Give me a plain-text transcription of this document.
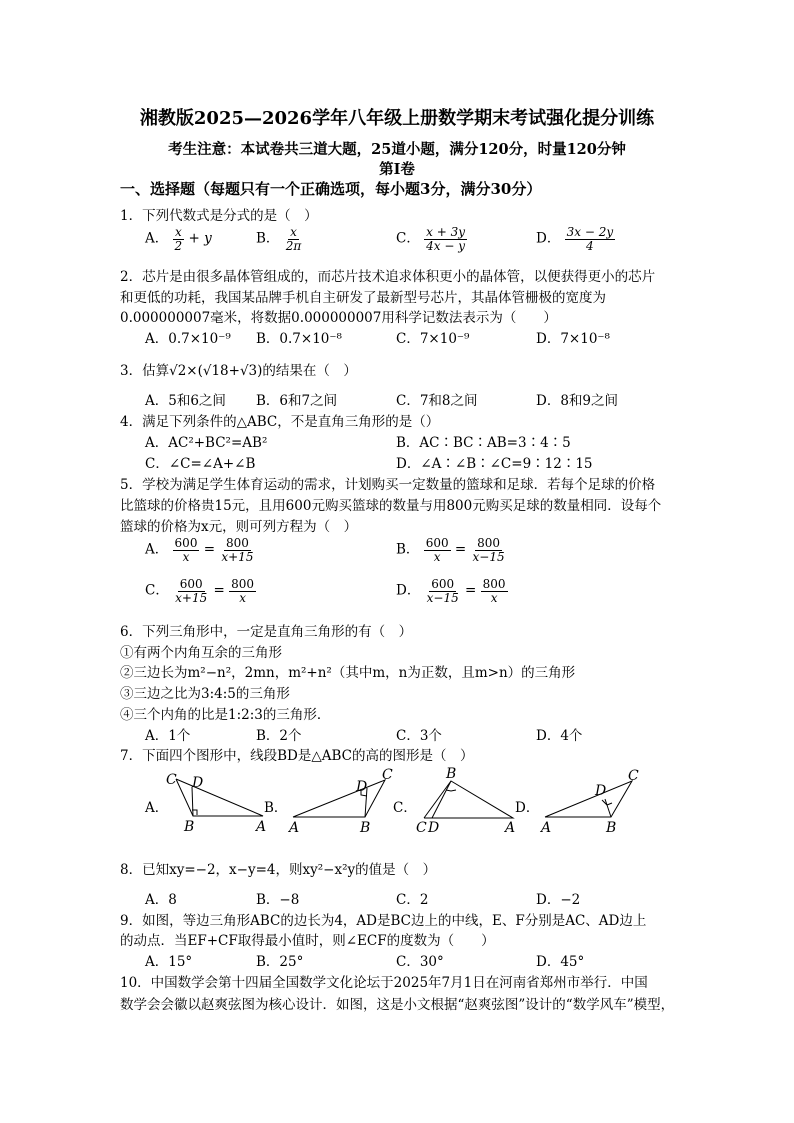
湘教版2025—2026学年八年级上册数学期末考试强化提分训练
考生注意：本试卷共三道大题，25道小题，满分120分，时量120分钟
第Ⅰ卷
一、选择题（每题只有一个正确选项，每小题3分，满分30分）
1．下列代数式是分式的是（　）
A． $\frac{x}{2} + y$	B． $\frac{x}{2\pi}$	C． $\frac{x + 3y}{4x - y}$	D． $\frac{3x - 2y}{4}$
2．芯片是由很多晶体管组成的，而芯片技术追求体积更小的晶体管，以便获得更小的芯片
和更低的功耗，我国某品牌手机自主研发了最新型号芯片，其晶体管栅极的宽度为
0.000000007毫米，将数据0.000000007用科学记数法表示为（　　）
A．0.7×10⁻⁹ B．0.7×10⁻⁸	C．7×10⁻⁹	D．7×10⁻⁸
3．估算√2×(√18+√3)的结果在（　）
A．5和6之间 B．6和7之间	C．7和8之间	D．8和9之间
4．满足下列条件的△ABC，不是直角三角形的是（）
A．AC²+BC²=AB²	B．AC∶BC∶AB=3∶4∶5
C．∠C=∠A+∠B	D．∠A∶∠B∶∠C=9∶12∶15
5．学校为满足学生体育运动的需求，计划购买一定数量的篮球和足球．若每个足球的价格
比篮球的价格贵15元，且用600元购买篮球的数量与用800元购买足球的数量相同．设每个
篮球的价格为x元，则可列方程为（　）
A． $\frac{600}{x} = \frac{800}{x+15}$	B． $\frac{600}{x} = \frac{800}{x-15}$
C． $\frac{600}{x+15} = \frac{800}{x}$	D． $\frac{600}{x-15} = \frac{800}{x}$
6．下列三角形中，一定是直角三角形的有（　）
①有两个内角互余的三角形
②三边长为m²−n²，2mn，m²+n²（其中m，n为正数，且m>n）的三角形
③三边之比为3:4:5的三角形
④三个内角的比是1:2:3的三角形．
A．1个	B．2个	C．3个	D．4个
7．下面四个图形中，线段BD是△ABC的高的图形是（　）
A．	B．	C．	D．
C D
B	A
C
D
A	B
B
C D	A
C
D
A	B
8．已知xy=−2，x−y=4，则xy²−x²y的值是（　）
A．8	B．−8	C．2	D．−2
9．如图，等边三角形ABC的边长为4，AD是BC边上的中线，E、F分别是AC、AD边上
的动点．当EF+CF取得最小值时，则∠ECF的度数为（　　）
A．15°	B．25°	C．30°	D．45°
10．中国数学会第十四届全国数学文化论坛于2025年7月1日在河南省郑州市举行．中国
数学会会徽以赵爽弦图为核心设计．如图，这是小文根据“赵爽弦图”设计的“数学风车”模型，
